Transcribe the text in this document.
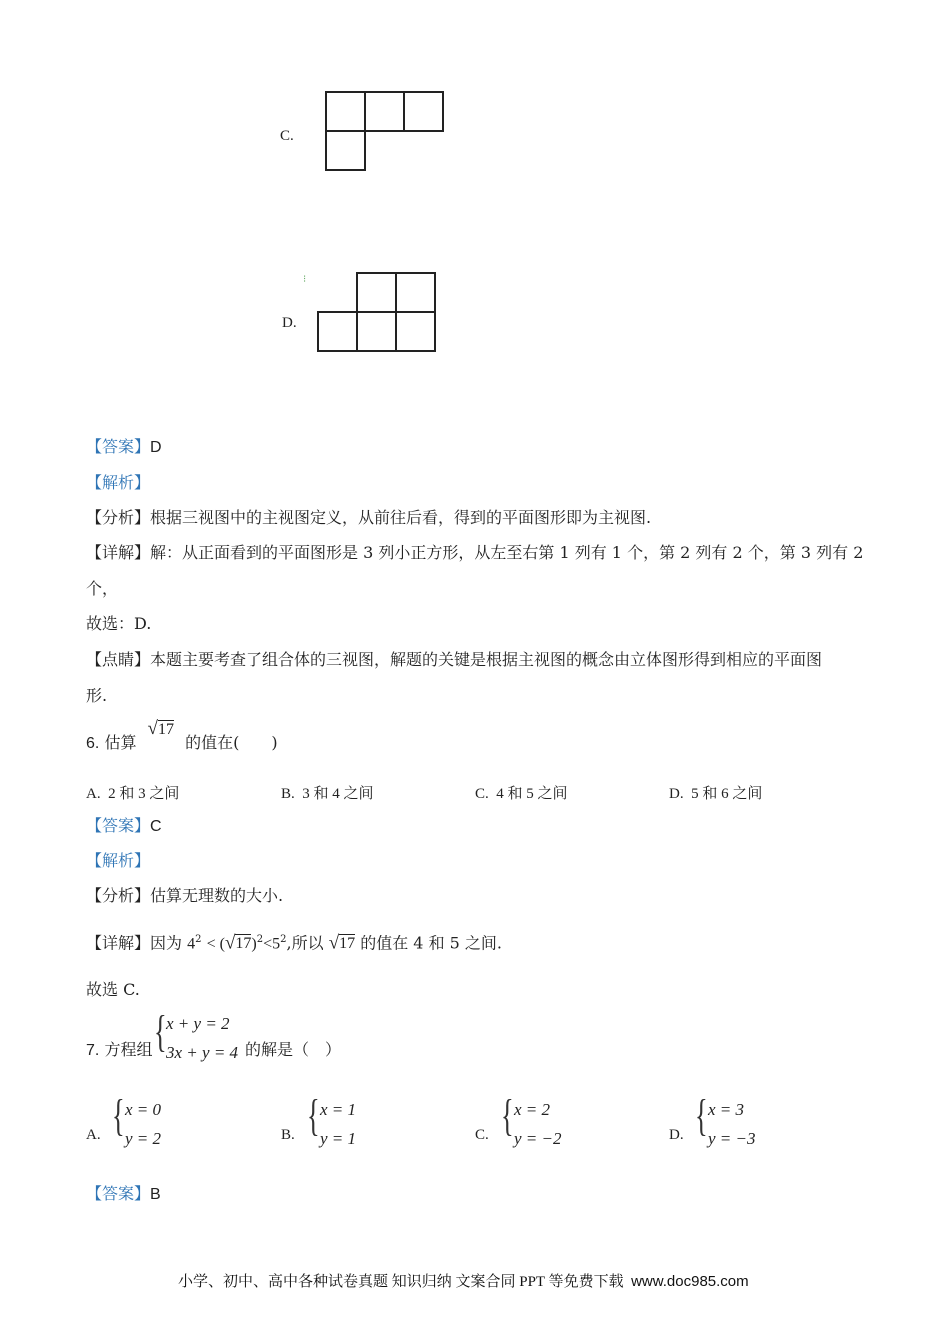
C.
⁝
D.
【答案】D
【解析】
【分析】根据三视图中的主视图定义，从前往后看，得到的平面图形即为主视图.
【详解】解：从正面看到的平面图形是 3 列小正方形，从左至右第 1 列有 1 个，第 2 列有 2 个，第 3 列有 2
个，
故选：D.
【点睛】本题主要考查了组合体的三视图，解题的关键是根据主视图的概念由立体图形得到相应的平面图
形.
6. 估算 √17 的值在(　　)
A. 2 和 3 之间	B. 3 和 4 之间	C. 4 和 5 之间	D. 5 和 6 之间
【答案】C
【解析】
【分析】估算无理数的大小.
【详解】因为 $4^2 < (√17)^2<5^2$,所以 √17 的值在 4 和 5 之间.
故选 C.
7. 方程组 { x + y = 2
3x + y = 4 的解是（　）
A. { x = 0
y = 2	B. { x = 1
y = 1	C. { x = 2
y = −2	D. { x = 3
y = −3
【答案】B
小学、初中、高中各种试卷真题 知识归纳 文案合同 PPT 等免费下载 www.doc985.com
